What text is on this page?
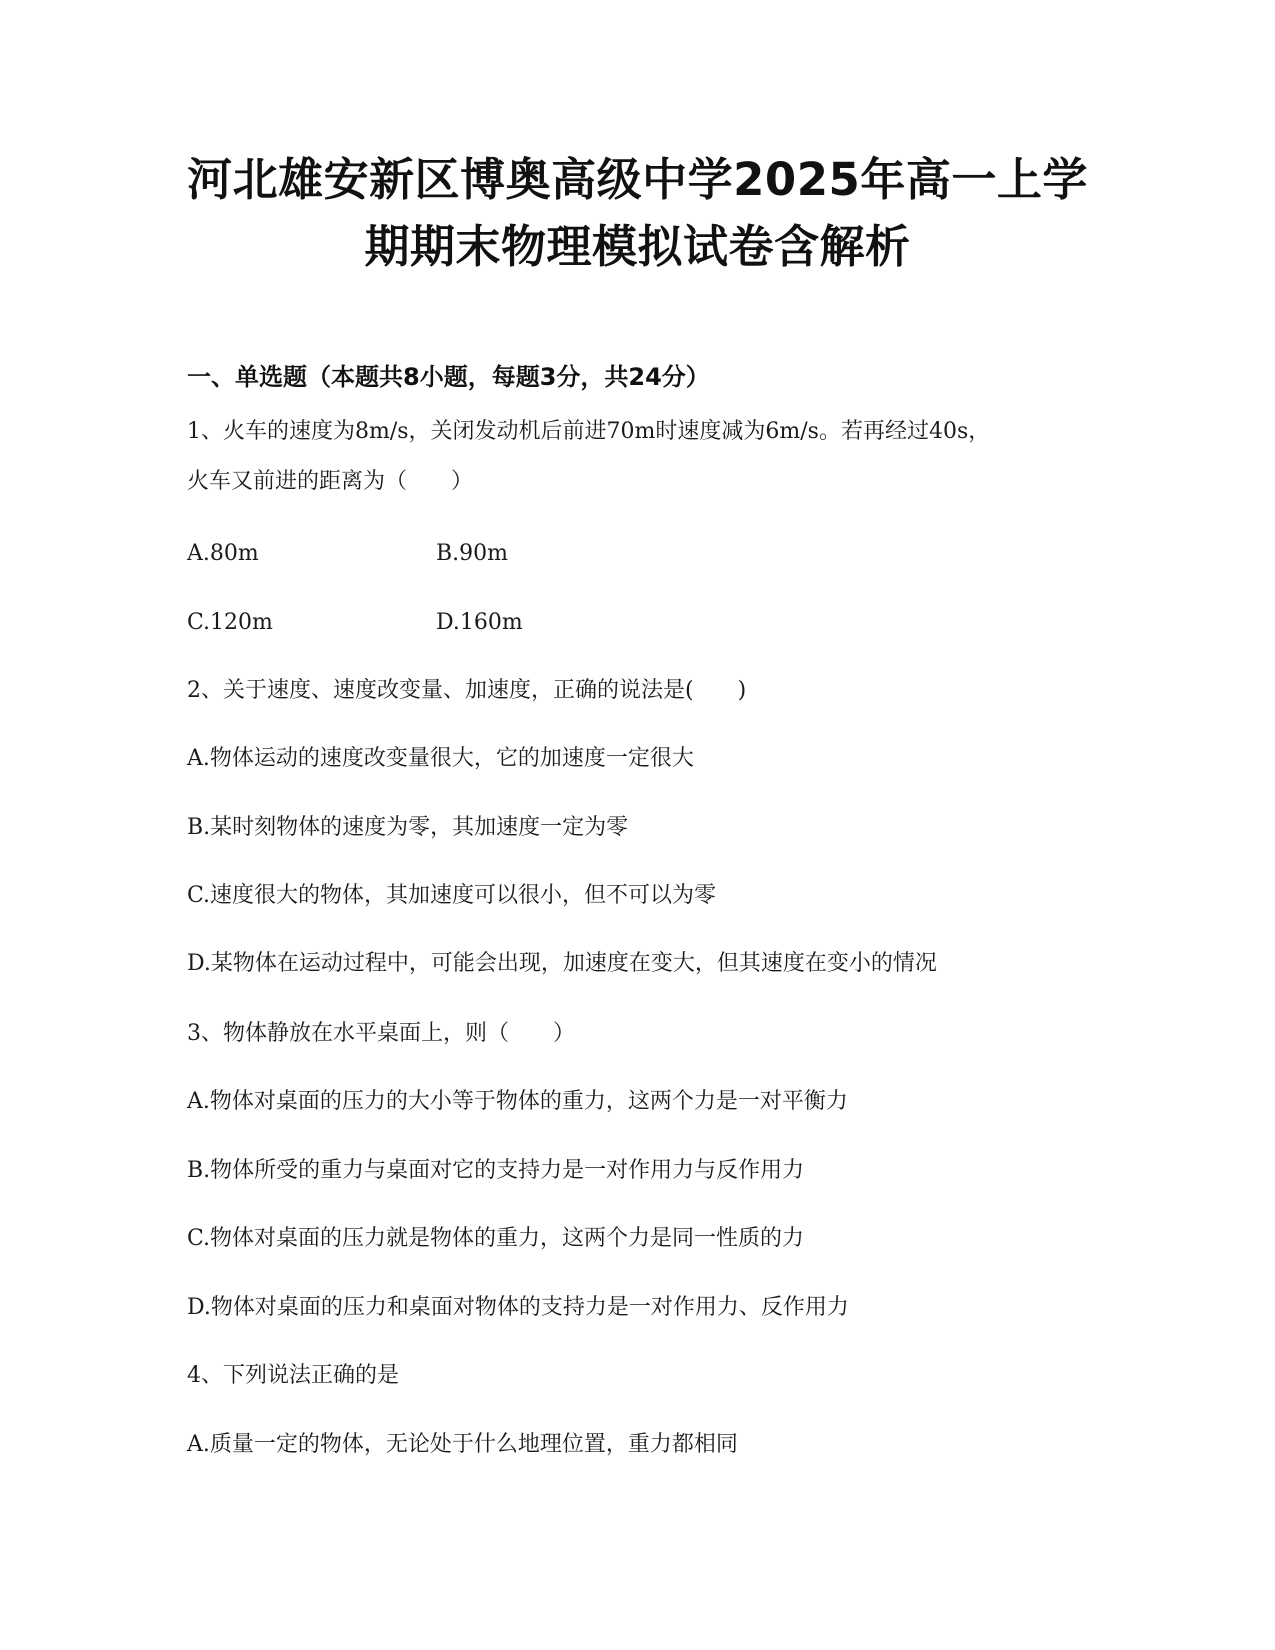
河北雄安新区博奥高级中学2025年高一上学
期期末物理模拟试卷含解析
一、单选题（本题共8小题，每题3分，共24分）
1、火车的速度为8m/s，关闭发动机后前进70m时速度减为6m/s。若再经过40s，
火车又前进的距离为（　　）
A.80m	B.90m
C.120m	D.160m
2、关于速度、速度改变量、加速度，正确的说法是(　　)
A.物体运动的速度改变量很大，它的加速度一定很大
B.某时刻物体的速度为零，其加速度一定为零
C.速度很大的物体，其加速度可以很小，但不可以为零
D.某物体在运动过程中，可能会出现，加速度在变大，但其速度在变小的情况
3、物体静放在水平桌面上，则（　　）
A.物体对桌面的压力的大小等于物体的重力，这两个力是一对平衡力
B.物体所受的重力与桌面对它的支持力是一对作用力与反作用力
C.物体对桌面的压力就是物体的重力，这两个力是同一性质的力
D.物体对桌面的压力和桌面对物体的支持力是一对作用力、反作用力
4、下列说法正确的是
A.质量一定的物体，无论处于什么地理位置，重力都相同
